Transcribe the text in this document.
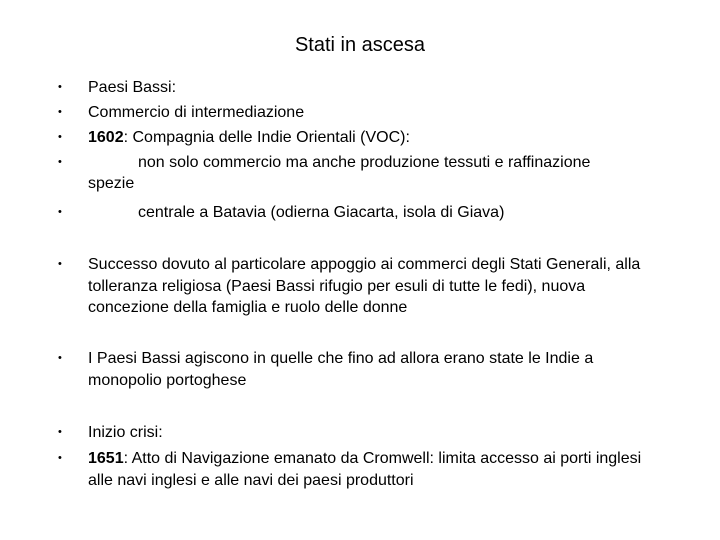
Stati in ascesa
• Paesi Bassi:
• Commercio di intermediazione
• 1602: Compagnia delle Indie Orientali (VOC):
•	non solo commercio ma anche produzione tessuti e raffinazione
spezie
•	centrale a Batavia (odierna Giacarta, isola di Giava)
• Successo dovuto al particolare appoggio ai commerci degli Stati Generali, alla tolleranza religiosa (Paesi Bassi rifugio per esuli di tutte le fedi), nuova concezione della famiglia e ruolo delle donne
• I Paesi Bassi agiscono in quelle che fino ad allora erano state le Indie a monopolio portoghese
• Inizio crisi:
• 1651: Atto di Navigazione emanato da Cromwell: limita accesso ai porti inglesi alle navi inglesi e alle navi dei paesi produttori
